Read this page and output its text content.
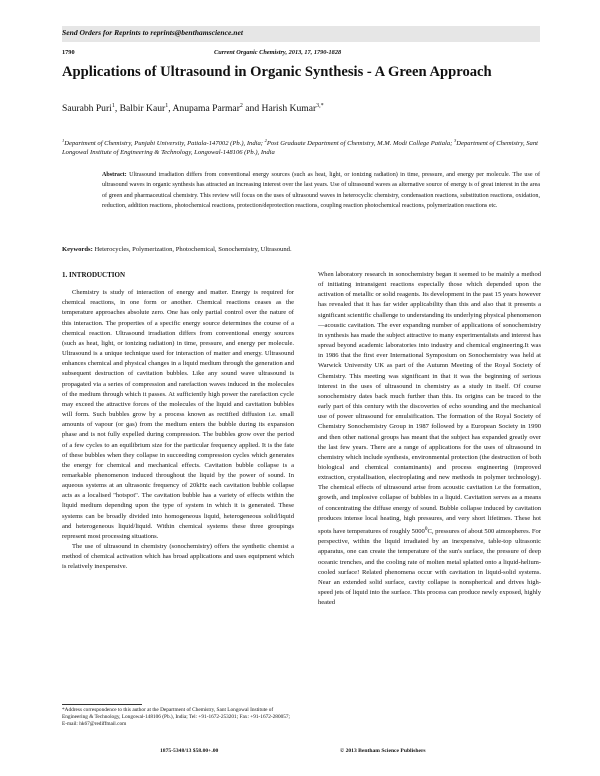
Send Orders for Reprints to reprints@benthamscience.net
1790	Current Organic Chemistry, 2013, 17, 1790-1828
Applications of Ultrasound in Organic Synthesis - A Green Approach
Saurabh Puri$^1$, Balbir Kaur$^1$, Anupama Parmar$^2$ and Harish Kumar$^{3,*}$
$^1$Department of Chemistry, Punjabi University, Patiala-147002 (Pb.), India; $^2$Post Graduate Department of Chemistry, M.M. Modi College Patiala; $^3$Department of Chemistry, Sant Longowal Institute of Engineering & Technology, Longowal-148106 (Pb.), India
Abstract: Ultrasound irradiation differs from conventional energy sources (such as heat, light, or ionizing radiation) in time, pressure, and energy per molecule. The use of ultrasound waves in organic synthesis has attracted an increasing interest over the last years. Use of ultrasound waves as alternative source of energy is of great interest in the area of green and pharmaceutical chemistry. This review will focus on the uses of ultrasound waves in heterocyclic chemistry, condensation reactions, substitution reactions, oxidation, reduction, addition reactions, photochemical reactions, protection/deprotection reactions, coupling reaction photochemical reactions, polymerization reactions etc.
Keywords: Heterocycles, Polymerization, Photochemical, Sonochemistry, Ultrasound.
1. INTRODUCTION

Chemistry is study of interaction of energy and matter. Energy is required for chemical reactions, in one form or another. Chemical reactions ceases as the temperature approaches absolute zero. One has only partial control over the nature of this interaction. The properties of a specific energy source determines the course of a chemical reaction. Ultrasound irradiation differs from conventional energy sources (such as heat, light, or ionizing radiation) in time, pressure, and energy per molecule. Ultrasound is a unique technique used for interaction of matter and energy. Ultrasound enhances chemical and physical changes in a liquid medium through the generation and subsequent destruction of cavitation bubbles. Like any sound wave ultrasound is propagated via a series of compression and rarefaction waves induced in the molecules of the medium through which it passes. At sufficiently high power the rarefaction cycle may exceed the attractive forces of the molecules of the liquid and cavitation bubbles will form. Such bubbles grow by a process known as rectified diffusion i.e. small amounts of vapour (or gas) from the medium enters the bubble during its expansion phase and is not fully expelled during compression. The bubbles grow over the period of a few cycles to an equilibrium size for the particular frequency applied. It is the fate of these bubbles when they collapse in succeeding compression cycles which generates the energy for chemical and mechanical effects. Cavitation bubble collapse is a remarkable phenomenon induced throughout the liquid by the power of sound. In aqueous systems at an ultrasonic frequency of 20kHz each cavitation bubble collapse acts as a localised "hotspot". The cavitation bubble has a variety of effects within the liquid medium depending upon the type of system in which it is generated. These systems can be broadly divided into homogeneous liquid, heterogeneous solid/liquid and heterogeneous liquid/liquid. Within chemical systems these three groupings represent most processing situations.

The use of ultrasound in chemistry (sonochemistry) offers the synthetic chemist a method of chemical activation which has broad applications and uses equipment which is relatively inexpensive.

When laboratory research in sonochemistry began it seemed to be mainly a method of initiating intransigent reactions especially those which depended upon the activation of metallic or solid reagents. Its development in the past 15 years however has revealed that it has far wider applicability than this and also that it presents a significant scientific challenge to understanding its underlying physical phenomenon—acoustic cavitation. The ever expanding number of applications of sonochemistry in synthesis has made the subject attractive to many experimentalists and interest has spread beyond academic laboratories into industry and chemical engineering.It was in 1986 that the first ever International Symposium on Sonochemistry was held at Warwick University UK as part of the Autumn Meeting of the Royal Society of Chemistry. This meeting was significant in that it was the beginning of serious interest in the uses of ultrasound in chemistry as a study in itself. Of course sonochemistry dates back much further than this. Its origins can be traced to the early part of this century with the discoveries of echo sounding and the mechanical use of power ultrasound for emulsification. The formation of the Royal Society of Chemistry Sonochemistry Group in 1987 followed by a European Society in 1990 and then other national groups has meant that the subject has expanded greatly over the last few years. There are a range of applications for the uses of ultrasound in chemistry which include synthesis, environmental protection (the destruction of both biological and chemical contaminants) and process engineering (improved extraction, crystallisation, electroplating and new methods in polymer technology). The chemical effects of ultrasound arise from acoustic cavitation i.e the formation, growth, and implosive collapse of bubbles in a liquid. Cavitation serves as a means of concentrating the diffuse energy of sound. Bubble collapse induced by cavitation produces intense local heating, high pressures, and very short lifetimes. These hot spots have temperatures of roughly 5000$^0$C, pressures of about 500 atmospheres. For perspective, within the liquid irradiated by an inexpensive, table-top ultrasonic apparatus, one can create the temperature of the sun's surface, the pressure of deep oceanic trenches, and the cooling rate of molten metal splatted onto a liquid-helium-cooled surface! Related phenomena occur with cavitation in liquid-solid systems. Near an extended solid surface, cavity collapse is nonspherical and drives high-speed jets of liquid into the surface. This process can produce newly exposed, highly heated

*Address correspondence to this author at the Department of Chemistry, Sant Longowal Institute of Engineering & Technology, Longowal-148106 (Pb.), India; Tel: +91-1672-253201; Fax: +91-1672-280057; E-mail: hk67@rediffmail.com
1875-5348/13 $58.00+.00	© 2013 Bentham Science Publishers
